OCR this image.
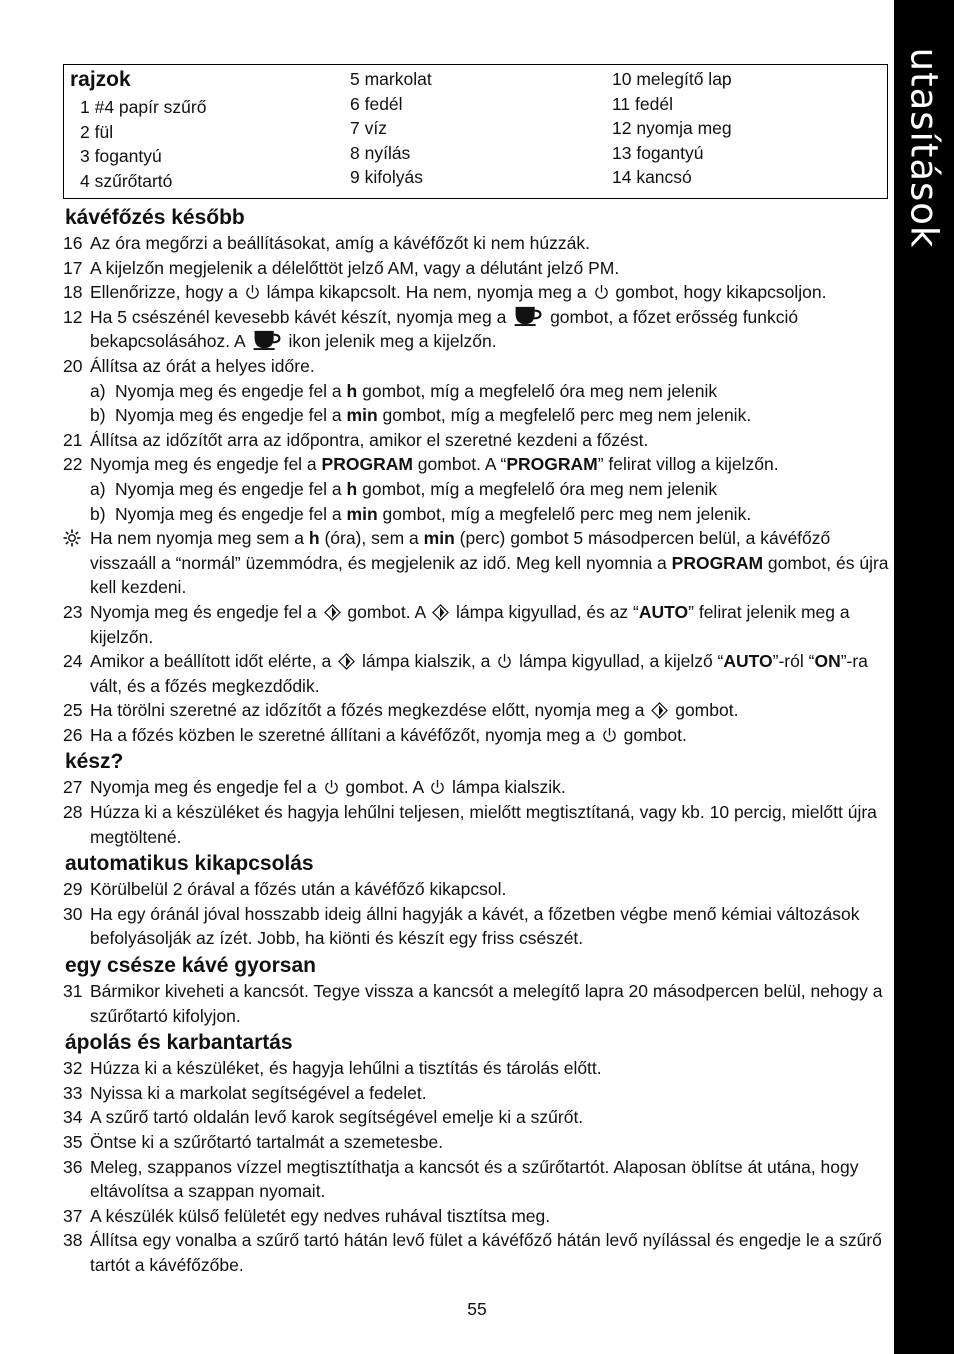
utasítások
rajzok
1 #4 papír szűrő
2 fül
3 fogantyú
4 szűrőtartó
5 markolat
6 fedél
7 víz
8 nyílás
9 kifolyás
10 melegítő lap
11 fedél
12 nyomja meg
13 fogantyú
14 kancsó
kávéfőzés később
16 Az óra megőrzi a beállításokat, amíg a kávéfőzőt ki nem húzzák.
17 A kijelzőn megjelenik a délelőttöt jelző AM, vagy a délutánt jelző PM.
18 Ellenőrizze, hogy a lámpa kikapcsolt. Ha nem, nyomja meg a gombot, hogy kikapcsoljon.
12 Ha 5 csészénél kevesebb kávét készít, nyomja meg a	gombot, a főzet erősség funkció bekapcsolásához. A	ikon jelenik meg a kijelzőn.
20 Állítsa az órát a helyes időre.
a) Nyomja meg és engedje fel a h gombot, míg a megfelelő óra meg nem jelenik
b) Nyomja meg és engedje fel a min gombot, míg a megfelelő perc meg nem jelenik.
21 Állítsa az időzítőt arra az időpontra, amikor el szeretné kezdeni a főzést.
22 Nyomja meg és engedje fel a PROGRAM gombot. A “PROGRAM” felirat villog a kijelzőn.
a) Nyomja meg és engedje fel a h gombot, míg a megfelelő óra meg nem jelenik
b) Nyomja meg és engedje fel a min gombot, míg a megfelelő perc meg nem jelenik.
Ha nem nyomja meg sem a h (óra), sem a min (perc) gombot 5 másodpercen belül, a kávéfőző visszaáll a “normál” üzemmódra, és megjelenik az idő. Meg kell nyomnia a PROGRAM gombot, és újra kell kezdeni.
23 Nyomja meg és engedje fel a gombot. A lámpa kigyullad, és az “AUTO” felirat jelenik meg a kijelzőn.
24 Amikor a beállított időt elérte, a lámpa kialszik, a lámpa kigyullad, a kijelző “AUTO”-ról “ON”-ra vált, és a főzés megkezdődik.
25 Ha törölni szeretné az időzítőt a főzés megkezdése előtt, nyomja meg a gombot.
26 Ha a főzés közben le szeretné állítani a kávéfőzőt, nyomja meg a gombot.
kész?
27 Nyomja meg és engedje fel a gombot. A lámpa kialszik.
28 Húzza ki a készüléket és hagyja lehűlni teljesen, mielőtt megtisztítaná, vagy kb. 10 percig, mielőtt újra megtöltené.
automatikus kikapcsolás
29 Körülbelül 2 órával a főzés után a kávéfőző kikapcsol.
30 Ha egy óránál jóval hosszabb ideig állni hagyják a kávét, a főzetben végbe menő kémiai változások befolyásolják az ízét. Jobb, ha kiönti és készít egy friss csészét.
egy csésze kávé gyorsan
31 Bármikor kiveheti a kancsót. Tegye vissza a kancsót a melegítő lapra 20 másodpercen belül, nehogy a szűrőtartó kifolyjon.
ápolás és karbantartás
32 Húzza ki a készüléket, és hagyja lehűlni a tisztítás és tárolás előtt.
33 Nyissa ki a markolat segítségével a fedelet.
34 A szűrő tartó oldalán levő karok segítségével emelje ki a szűrőt.
35 Öntse ki a szűrőtartó tartalmát a szemetesbe.
36 Meleg, szappanos vízzel megtisztíthatja a kancsót és a szűrőtartót. Alaposan öblítse át utána, hogy eltávolítsa a szappan nyomait.
37 A készülék külső felületét egy nedves ruhával tisztítsa meg.
38 Állítsa egy vonalba a szűrő tartó hátán levő fület a kávéfőző hátán levő nyílással és engedje le a szűrő tartót a kávéfőzőbe.
55
